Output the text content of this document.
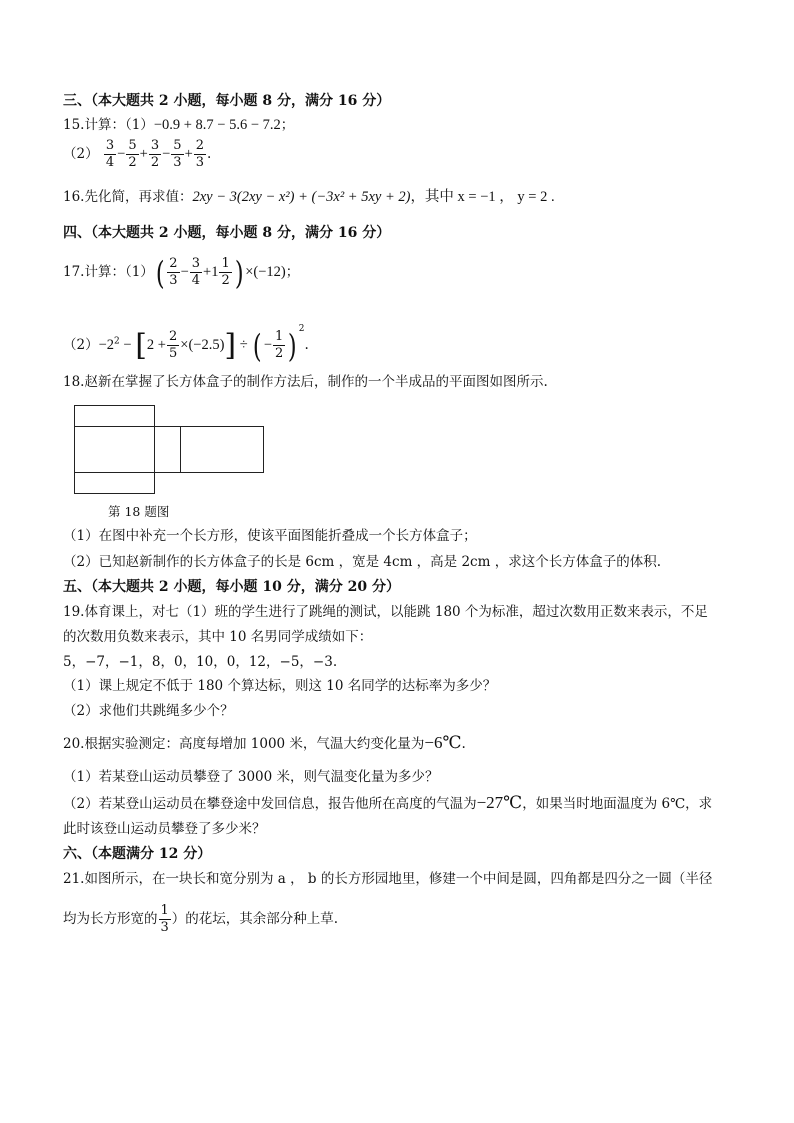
三、（本大题共 2 小题，每小题 8 分，满分 16 分）
15.计算：（1）−0.9 + 8.7 − 5.6 − 7.2；
$(2) \frac{3}{4} - \frac{5}{2} + \frac{3}{2} - \frac{5}{3} + \frac{2}{3}$ .
16.先化简，再求值：2xy − 3(2xy − x²) + (−3x² + 5xy + 2)，其中 x = −1 ， y = 2 .
四、（本大题共 2 小题，每小题 8 分，满分 16 分）
17.计算：$(1)( \frac{2}{3} - \frac{3}{4} +1 \frac{1}{2}$ ) ×(−12)；
$(2)-2^2 - [2 + \frac{2}{5} \times(-2.5)]$ ÷ ( − $\frac{1}{2}$ ) $^2$.
18.赵新在掌握了长方体盒子的制作方法后，制作的一个半成品的平面图如图所示.
第 18 题图
（1）在图中补充一个长方形，使该平面图能折叠成一个长方体盒子；
（2）已知赵新制作的长方体盒子的长是 6cm ，宽是 4cm ，高是 2cm ，求这个长方体盒子的体积.
五、（本大题共 2 小题，每小题 10 分，满分 20 分）
19.体育课上，对七（1）班的学生进行了跳绳的测试，以能跳 180 个为标准，超过次数用正数来表示，不足
的次数用负数来表示，其中 10 名男同学成绩如下：
5，−7，−1，8，0，10，0，12，−5，−3.
（1）课上规定不低于 180 个算达标，则这 10 名同学的达标率为多少？
（2）求他们共跳绳多少个？
20.根据实验测定：高度每增加 1000 米，气温大约变化量为−6℃.
（1）若某登山运动员攀登了 3000 米，则气温变化量为多少？
（2）若某登山运动员在攀登途中发回信息，报告他所在高度的气温为−27℃，如果当时地面温度为 6℃，求
此时该登山运动员攀登了多少米？
六、（本题满分 12 分）
21.如图所示，在一块长和宽分别为 a ， b 的长方形园地里，修建一个中间是圆，四角都是四分之一圆（半径
均为长方形宽的 $\frac{1}{3}$ ）的花坛，其余部分种上草.
